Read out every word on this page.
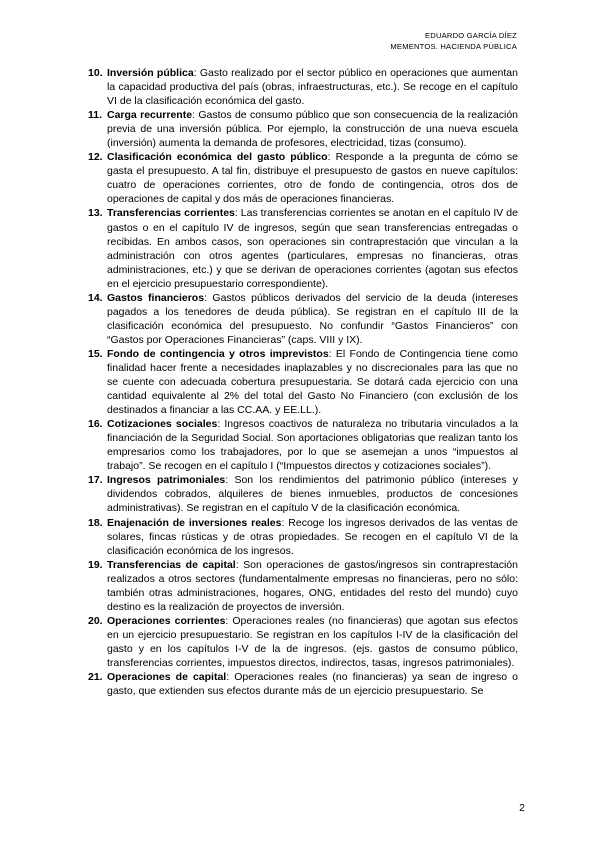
EDUARDO GARCÍA DÍEZ
MEMENTOS. HACIENDA PÚBLICA
10. Inversión pública: Gasto realizado por el sector público en operaciones que aumentan la capacidad productiva del país (obras, infraestructuras, etc.). Se recoge en el capítulo VI de la clasificación económica del gasto.
11. Carga recurrente: Gastos de consumo público que son consecuencia de la realización previa de una inversión pública. Por ejemplo, la construcción de una nueva escuela (inversión) aumenta la demanda de profesores, electricidad, tizas (consumo).
12. Clasificación económica del gasto público: Responde a la pregunta de cómo se gasta el presupuesto. A tal fin, distribuye el presupuesto de gastos en nueve capítulos: cuatro de operaciones corrientes, otro de fondo de contingencia, otros dos de operaciones de capital y dos más de operaciones financieras.
13. Transferencias corrientes: Las transferencias corrientes se anotan en el capítulo IV de gastos o en el capítulo IV de ingresos, según que sean transferencias entregadas o recibidas. En ambos casos, son operaciones sin contraprestación que vinculan a la administración con otros agentes (particulares, empresas no financieras, otras administraciones, etc.) y que se derivan de operaciones corrientes (agotan sus efectos en el ejercicio presupuestario correspondiente).
14. Gastos financieros: Gastos públicos derivados del servicio de la deuda (intereses pagados a los tenedores de deuda pública). Se registran en el capítulo III de la clasificación económica del presupuesto. No confundir “Gastos Financieros” con “Gastos por Operaciones Financieras” (caps. VIII y IX).
15. Fondo de contingencia y otros imprevistos: El Fondo de Contingencia tiene como finalidad hacer frente a necesidades inaplazables y no discrecionales para las que no se cuente con adecuada cobertura presupuestaria. Se dotará cada ejercicio con una cantidad equivalente al 2% del total del Gasto No Financiero (con exclusión de los destinados a financiar a las CC.AA. y EE.LL.).
16. Cotizaciones sociales: Ingresos coactivos de naturaleza no tributaria vinculados a la financiación de la Seguridad Social. Son aportaciones obligatorias que realizan tanto los empresarios como los trabajadores, por lo que se asemejan a unos “impuestos al trabajo”. Se recogen en el capítulo I (“Impuestos directos y cotizaciones sociales”).
17. Ingresos patrimoniales: Son los rendimientos del patrimonio público (intereses y dividendos cobrados, alquileres de bienes inmuebles, productos de concesiones administrativas). Se registran en el capítulo V de la clasificación económica.
18. Enajenación de inversiones reales: Recoge los ingresos derivados de las ventas de solares, fincas rústicas y de otras propiedades. Se recogen en el capítulo VI de la clasificación económica de los ingresos.
19. Transferencias de capital: Son operaciones de gastos/ingresos sin contraprestación realizados a otros sectores (fundamentalmente empresas no financieras, pero no sólo: también otras administraciones, hogares, ONG, entidades del resto del mundo) cuyo destino es la realización de proyectos de inversión.
20. Operaciones corrientes: Operaciones reales (no financieras) que agotan sus efectos en un ejercicio presupuestario. Se registran en los capítulos I-IV de la clasificación del gasto y en los capítulos I-V de la de ingresos. (ejs. gastos de consumo público, transferencias corrientes, impuestos directos, indirectos, tasas, ingresos patrimoniales).
21. Operaciones de capital: Operaciones reales (no financieras) ya sean de ingreso o gasto, que extienden sus efectos durante más de un ejercicio presupuestario. Se
2
